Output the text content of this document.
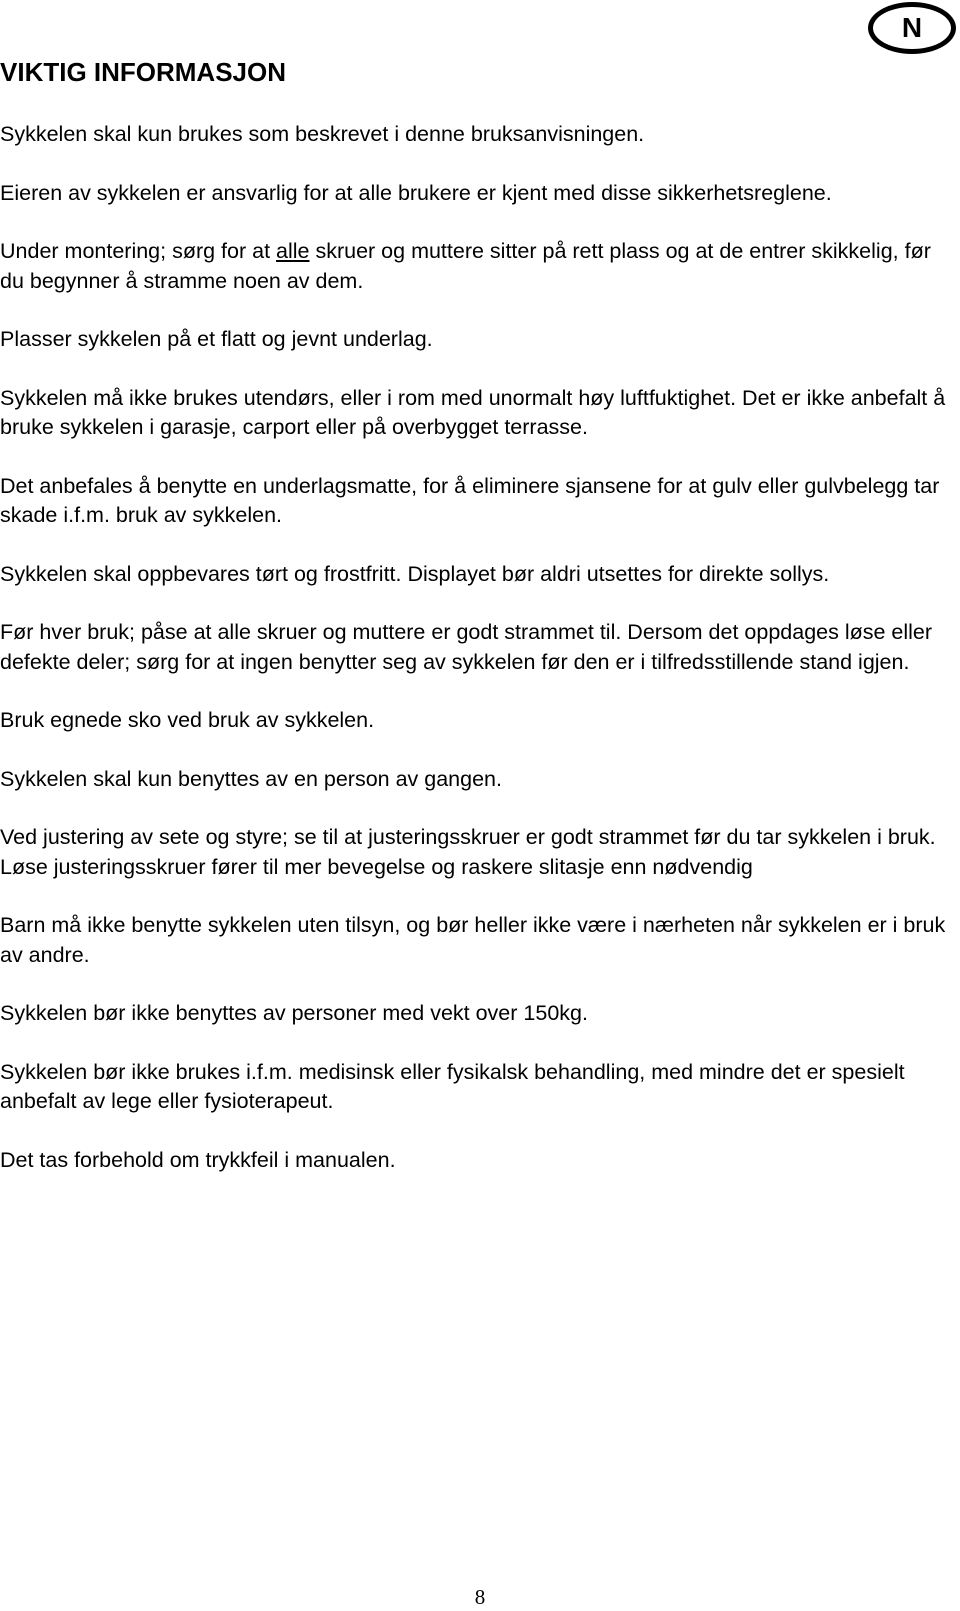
N
VIKTIG INFORMASJON

Sykkelen skal kun brukes som beskrevet i denne bruksanvisningen.

Eieren av sykkelen er ansvarlig for at alle brukere er kjent med disse sikkerhetsreglene.

Under montering; sørg for at alle skruer og muttere sitter på rett plass og at de entrer skikkelig, før du begynner å stramme noen av dem.

Plasser sykkelen på et flatt og jevnt underlag.

Sykkelen må ikke brukes utendørs, eller i rom med unormalt høy luftfuktighet. Det er ikke anbefalt å bruke sykkelen i garasje, carport eller på overbygget terrasse.

Det anbefales å benytte en underlagsmatte, for å eliminere sjansene for at gulv eller gulvbelegg tar skade i.f.m. bruk av sykkelen.

Sykkelen skal oppbevares tørt og frostfritt. Displayet bør aldri utsettes for direkte sollys.

Før hver bruk; påse at alle skruer og muttere er godt strammet til. Dersom det oppdages løse eller defekte deler; sørg for at ingen benytter seg av sykkelen før den er i tilfredsstillende stand igjen.

Bruk egnede sko ved bruk av sykkelen.

Sykkelen skal kun benyttes av en person av gangen.

Ved justering av sete og styre; se til at justeringsskruer er godt strammet før du tar sykkelen i bruk. Løse justeringsskruer fører til mer bevegelse og raskere slitasje enn nødvendig

Barn må ikke benytte sykkelen uten tilsyn, og bør heller ikke være i nærheten når sykkelen er i bruk av andre.

Sykkelen bør ikke benyttes av personer med vekt over 150kg.

Sykkelen bør ikke brukes i.f.m. medisinsk eller fysikalsk behandling, med mindre det er spesielt anbefalt av lege eller fysioterapeut.

Det tas forbehold om trykkfeil i manualen.

8
